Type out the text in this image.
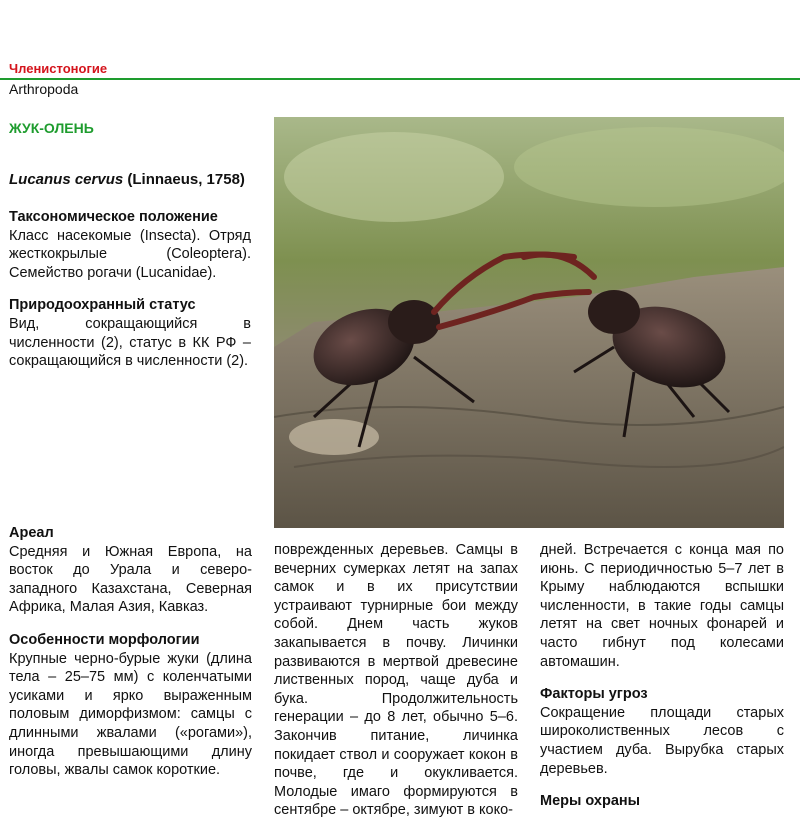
Членистоногие
Arthropoda
ЖУК-ОЛЕНЬ
Lucanus cervus (Linnaeus, 1758)
Таксономическое положение

Класс насекомые (Insecta). Отряд жесткокрылые (Coleoptera). Семейство рогачи (Lucanidae).

Природоохранный статус

Вид, сокращающийся в численности (2), статус в КК РФ – сокращающийся в численности (2).

Ареал

Средняя и Южная Европа, на восток до Урала и северо-западного Казахстана, Северная Африка, Малая Азия, Кавказ.

Особенности морфологии

Крупные черно-бурые жуки (длина тела – 25–75 мм) с коленчатыми усиками и ярко выраженным половым диморфизмом: самцы с длинными жвалами («рогами»), иногда превышающими длину головы, жвалы самок короткие.

поврежденных деревьев. Самцы в вечерних сумерках летят на запах самок и в их присутствии устраивают турнирные бои между собой. Днем часть жуков закапывается в почву. Личинки развиваются в мертвой древесине лиственных пород, чаще дуба и бука. Продолжительность генерации – до 8 лет, обычно 5–6. Закончив питание, личинка покидает ствол и сооружает кокон в почве, где и окукливается. Молодые имаго формируются в сентябре – октябре, зимуют в коко-

дней. Встречается с конца мая по июнь. С периодичностью 5–7 лет в Крыму наблюдаются вспышки численности, в такие годы самцы летят на свет ночных фонарей и часто гибнут под колесами автомашин.

Факторы угроз

Сокращение площади старых широколиственных лесов с участием дуба. Вырубка старых деревьев.

Меры охраны
